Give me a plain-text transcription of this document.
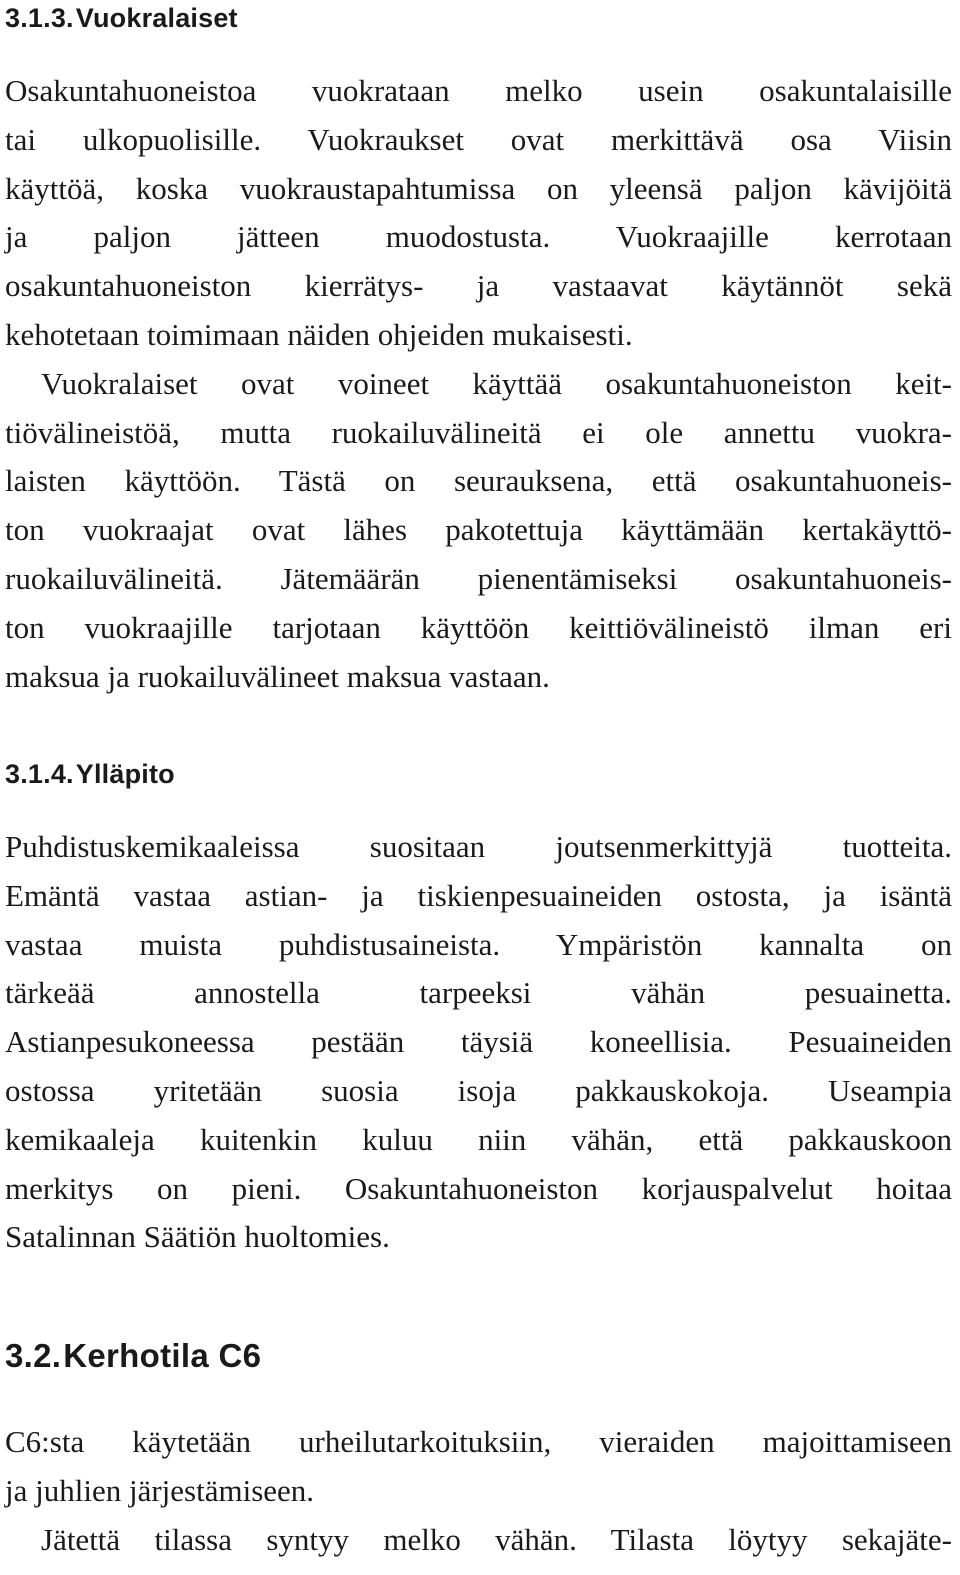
3.1.3.Vuokralaiset
Osakuntahuoneistoa vuokrataan melko usein osakuntalaisille
tai ulkopuolisille. Vuokraukset ovat merkittävä osa Viisin
käyttöä, koska vuokraustapahtumissa on yleensä paljon kävijöitä
ja paljon jätteen muodostusta. Vuokraajille kerrotaan
osakuntahuoneiston kierrätys- ja vastaavat käytännöt sekä
kehotetaan toimimaan näiden ohjeiden mukaisesti.
Vuokralaiset ovat voineet käyttää osakuntahuoneiston keit-
tiövälineistöä, mutta ruokailuvälineitä ei ole annettu vuokra-
laisten käyttöön. Tästä on seurauksena, että osakuntahuoneis-
ton vuokraajat ovat lähes pakotettuja käyttämään kertakäyttö-
ruokailuvälineitä. Jätemäärän pienentämiseksi osakuntahuoneis-
ton vuokraajille tarjotaan käyttöön keittiövälineistö ilman eri
maksua ja ruokailuvälineet maksua vastaan.
3.1.4.Ylläpito
Puhdistuskemikaaleissa suositaan joutsenmerkittyjä tuotteita.
Emäntä vastaa astian- ja tiskienpesuaineiden ostosta, ja isäntä
vastaa muista puhdistusaineista. Ympäristön kannalta on
tärkeää annostella tarpeeksi vähän pesuainetta.
Astianpesukoneessa pestään täysiä koneellisia. Pesuaineiden
ostossa yritetään suosia isoja pakkauskokoja. Useampia
kemikaaleja kuitenkin kuluu niin vähän, että pakkauskoon
merkitys on pieni. Osakuntahuoneiston korjauspalvelut hoitaa
Satalinnan Säätiön huoltomies.
3.2.Kerhotila C6
C6:sta käytetään urheilutarkoituksiin, vieraiden majoittamiseen
ja juhlien järjestämiseen.
Jätettä tilassa syntyy melko vähän. Tilasta löytyy sekajäte-
